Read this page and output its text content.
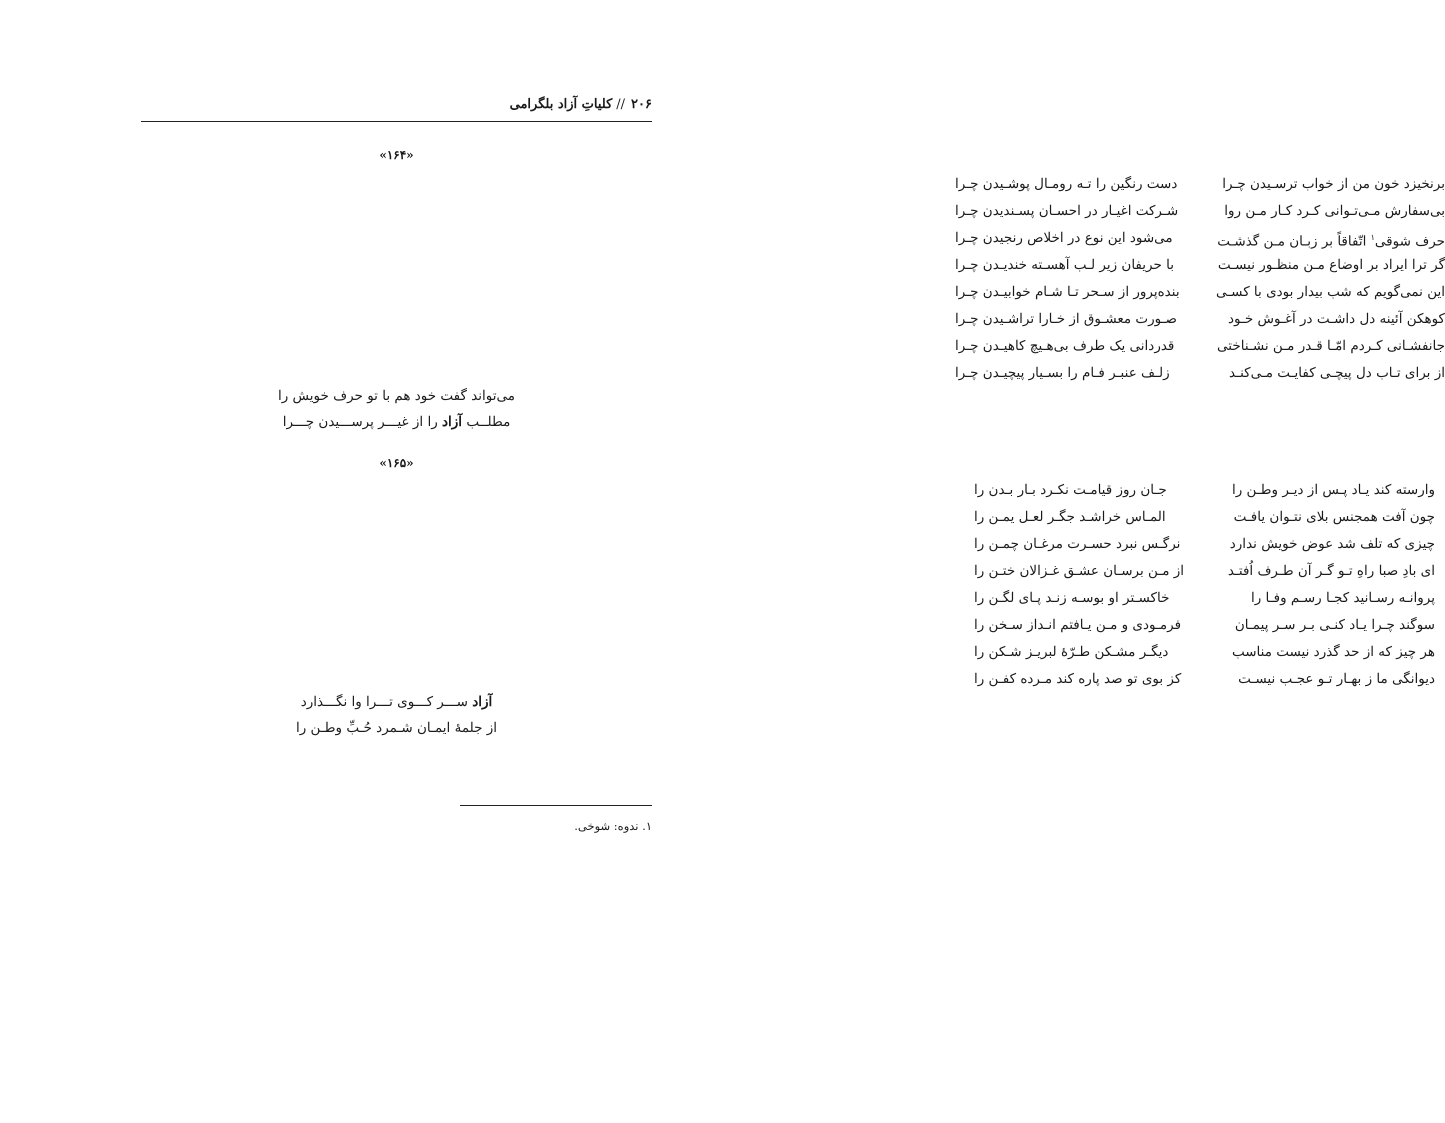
۲۰۶//کلیاتِ آزاد بلگرامی
«۱۶۴»
برنخیزد خون من از خواب ترسـیدن چـرا
دست رنگین را تـه رومـال پوشـیدن چـرا
بی‌سفارش مـی‌تـوانی کـرد کـار مـن روا
شـرکت اغیـار در احسـان پسـندیدن چـرا
حرف شوقی$^۱$ اتّفاقاً بر زبـان مـن گذشـت
می‌شود این نوع در اخلاص رنجیدن چـرا
گر ترا ایراد بر اوضاع مـن منظـور نیسـت
با حریفان زیر لـب آهسـته خندیـدن چـرا
این نمی‌گویم که شب بیدار بودی با کسـی
بنده‌پرور از سـحر تـا شـام خوابیـدن چـرا
کوهکن آئینه دل داشـت در آغـوش خـود
صـورت معشـوق از خـارا تراشـیدن چـرا
جانفشـانی کـردم امّـا قـدر مـن نشـناختی
قدردانی یک طرف بی‌هـیچ کاهیـدن چـرا
از برای تـاب دل پیچـی کفایـت مـی‌کنـد
زلـف عنبـر فـام را بسـیار پیچیـدن چـرا
می‌تواند گفت خود هم با تو حرف خویش را
مطلــب آزاد را از غیـــر پرســـیدن چـــرا
«۱۶۵»
وارسته کند یـاد پـس از دیـر وطـن را
جـان روز قیامـت نکـرد بـار بـدن را
چون آفت همجنس بلای نتـوان یافـت
المـاس خراشـد جگـر لعـل یمـن را
چیزی که تلف شد عوض خویش ندارد
نرگـس نبرد حسـرت مرغـان چمـن را
ای بادِ صبا راهِ تـو گـر آن طـرف اُفتـد
از مـن برسـان عشـق غـزالان ختـن را
پروانـه رسـانید کجـا رسـم وفـا را
خاکسـتر او بوسـه زنـد پـای لگـن را
سوگند چـرا یـاد کنـی بـر سـر پیمـان
فرمـودی و مـن یـافتم انـداز سـخن را
هر چیز که از حد گذرد نیست مناسب
دیگـر مشـکن طـرّهٔ لبریـز شـکن را
دیوانگی ما ز بهـار تـو عجـب نیسـت
کز بوی تو صد پاره کند مـرده کفـن را
آزاد ســـر کـــوی تـــرا وا نگـــذارد
از جلمهٔ ایمـان شـمرد حُـبِّ وطـن را
۱. ندوه: شوخی.
